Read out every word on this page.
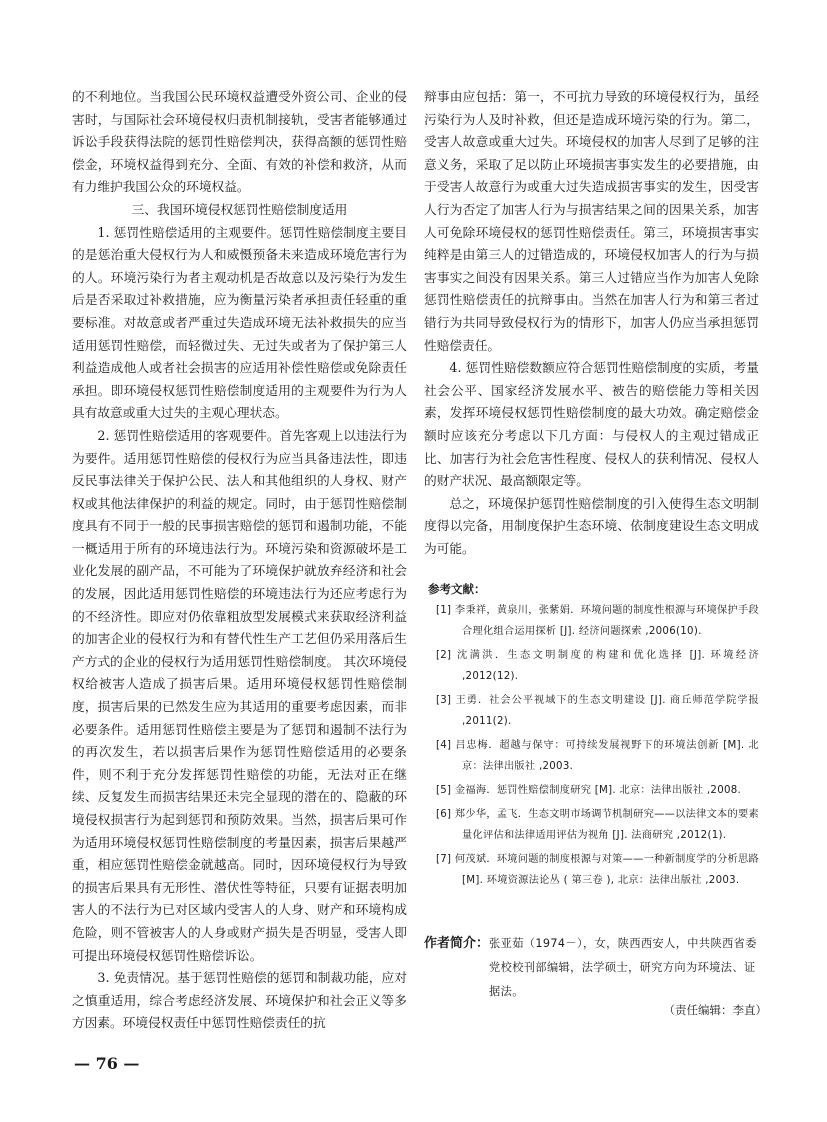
的不利地位。当我国公民环境权益遭受外资公司、企业的侵害时，与国际社会环境侵权归责机制接轨，受害者能够通过诉讼手段获得法院的惩罚性赔偿判决，获得高额的惩罚性赔偿金，环境权益得到充分、全面、有效的补偿和救济，从而有力维护我国公众的环境权益。

三、我国环境侵权惩罚性赔偿制度适用

1. 惩罚性赔偿适用的主观要件。惩罚性赔偿制度主要目的是惩治重大侵权行为人和威慑预备未来造成环境危害行为的人。环境污染行为者主观动机是否故意以及污染行为发生后是否采取过补救措施，应为衡量污染者承担责任轻重的重要标准。对故意或者严重过失造成环境无法补救损失的应当适用惩罚性赔偿，而轻微过失、无过失或者为了保护第三人利益造成他人或者社会损害的应适用补偿性赔偿或免除责任承担。即环境侵权惩罚性赔偿制度适用的主观要件为行为人具有故意或重大过失的主观心理状态。

2. 惩罚性赔偿适用的客观要件。首先客观上以违法行为为要件。适用惩罚性赔偿的侵权行为应当具备违法性，即违反民事法律关于保护公民、法人和其他组织的人身权、财产权或其他法律保护的利益的规定。同时，由于惩罚性赔偿制度具有不同于一般的民事损害赔偿的惩罚和遏制功能，不能一概适用于所有的环境违法行为。环境污染和资源破坏是工业化发展的副产品，不可能为了环境保护就放弃经济和社会的发展，因此适用惩罚性赔偿的环境违法行为还应考虑行为的不经济性。即应对仍依靠粗放型发展模式来获取经济利益的加害企业的侵权行为和有替代性生产工艺但仍采用落后生产方式的企业的侵权行为适用惩罚性赔偿制度。 其次环境侵权给被害人造成了损害后果。适用环境侵权惩罚性赔偿制度，损害后果的已然发生应为其适用的重要考虑因素，而非必要条件。适用惩罚性赔偿主要是为了惩罚和遏制不法行为的再次发生，若以损害后果作为惩罚性赔偿适用的必要条件，则不利于充分发挥惩罚性赔偿的功能，无法对正在继续、反复发生而损害结果还未完全显现的潜在的、隐蔽的环境侵权损害行为起到惩罚和预防效果。当然，损害后果可作为适用环境侵权惩罚性赔偿制度的考量因素，损害后果越严重，相应惩罚性赔偿金就越高。同时，因环境侵权行为导致的损害后果具有无形性、潜伏性等特征，只要有证据表明加害人的不法行为已对区域内受害人的人身、财产和环境构成危险，则不管被害人的人身或财产损失是否明显，受害人即可提出环境侵权惩罚性赔偿诉讼。

3. 免责情况。基于惩罚性赔偿的惩罚和制裁功能，应对之慎重适用，综合考虑经济发展、环境保护和社会正义等多方因素。环境侵权责任中惩罚性赔偿责任的抗

辩事由应包括：第一，不可抗力导致的环境侵权行为，虽经污染行为人及时补救，但还是造成环境污染的行为。第二，受害人故意或重大过失。环境侵权的加害人尽到了足够的注意义务，采取了足以防止环境损害事实发生的必要措施，由于受害人故意行为或重大过失造成损害事实的发生，因受害人行为否定了加害人行为与损害结果之间的因果关系，加害人可免除环境侵权的惩罚性赔偿责任。第三，环境损害事实纯粹是由第三人的过错造成的，环境侵权加害人的行为与损害事实之间没有因果关系。第三人过错应当作为加害人免除惩罚性赔偿责任的抗辩事由。当然在加害人行为和第三者过错行为共同导致侵权行为的情形下，加害人仍应当承担惩罚性赔偿责任。

4. 惩罚性赔偿数额应符合惩罚性赔偿制度的实质，考量社会公平、国家经济发展水平、被告的赔偿能力等相关因素，发挥环境侵权惩罚性赔偿制度的最大功效。确定赔偿金额时应该充分考虑以下几方面：与侵权人的主观过错成正比、加害行为社会危害性程度、侵权人的获利情况、侵权人的财产状况、最高额限定等。

总之，环境保护惩罚性赔偿制度的引入使得生态文明制度得以完备，用制度保护生态环境、依制度建设生态文明成为可能。

参考文献：
[1] 李秉祥，黄泉川，张紫娟．环境问题的制度性根源与环境保护手段合理化组合运用探析 [J]. 经济问题探索 ,2006(10).
[2] 沈满洪．生态文明制度的构建和优化选择 [J]. 环境经济 ,2012(12).
[3] 王勇．社会公平视域下的生态文明建设 [J]. 商丘师范学院学报 ,2011(2).
[4] 吕忠梅．超越与保守：可持续发展视野下的环境法创新 [M]. 北京：法律出版社 ,2003.
[5] 金福海．惩罚性赔偿制度研究 [M]. 北京：法律出版社 ,2008.
[6] 郑少华，孟飞．生态文明市场调节机制研究——以法律文本的要素量化评估和法律适用评估为视角 [J]. 法商研究 ,2012(1).
[7] 何茂斌．环境问题的制度根源与对策——一种新制度学的分析思路 [M]. 环境资源法论丛 ( 第三卷 ), 北京：法律出版社 ,2003.
作者简介： 张亚茹（1974－），女，陕西西安人，中共陕西省委党校校刊部编辑，法学硕士，研究方向为环境法、证据法。
（责任编辑：李直）
— 76 —
